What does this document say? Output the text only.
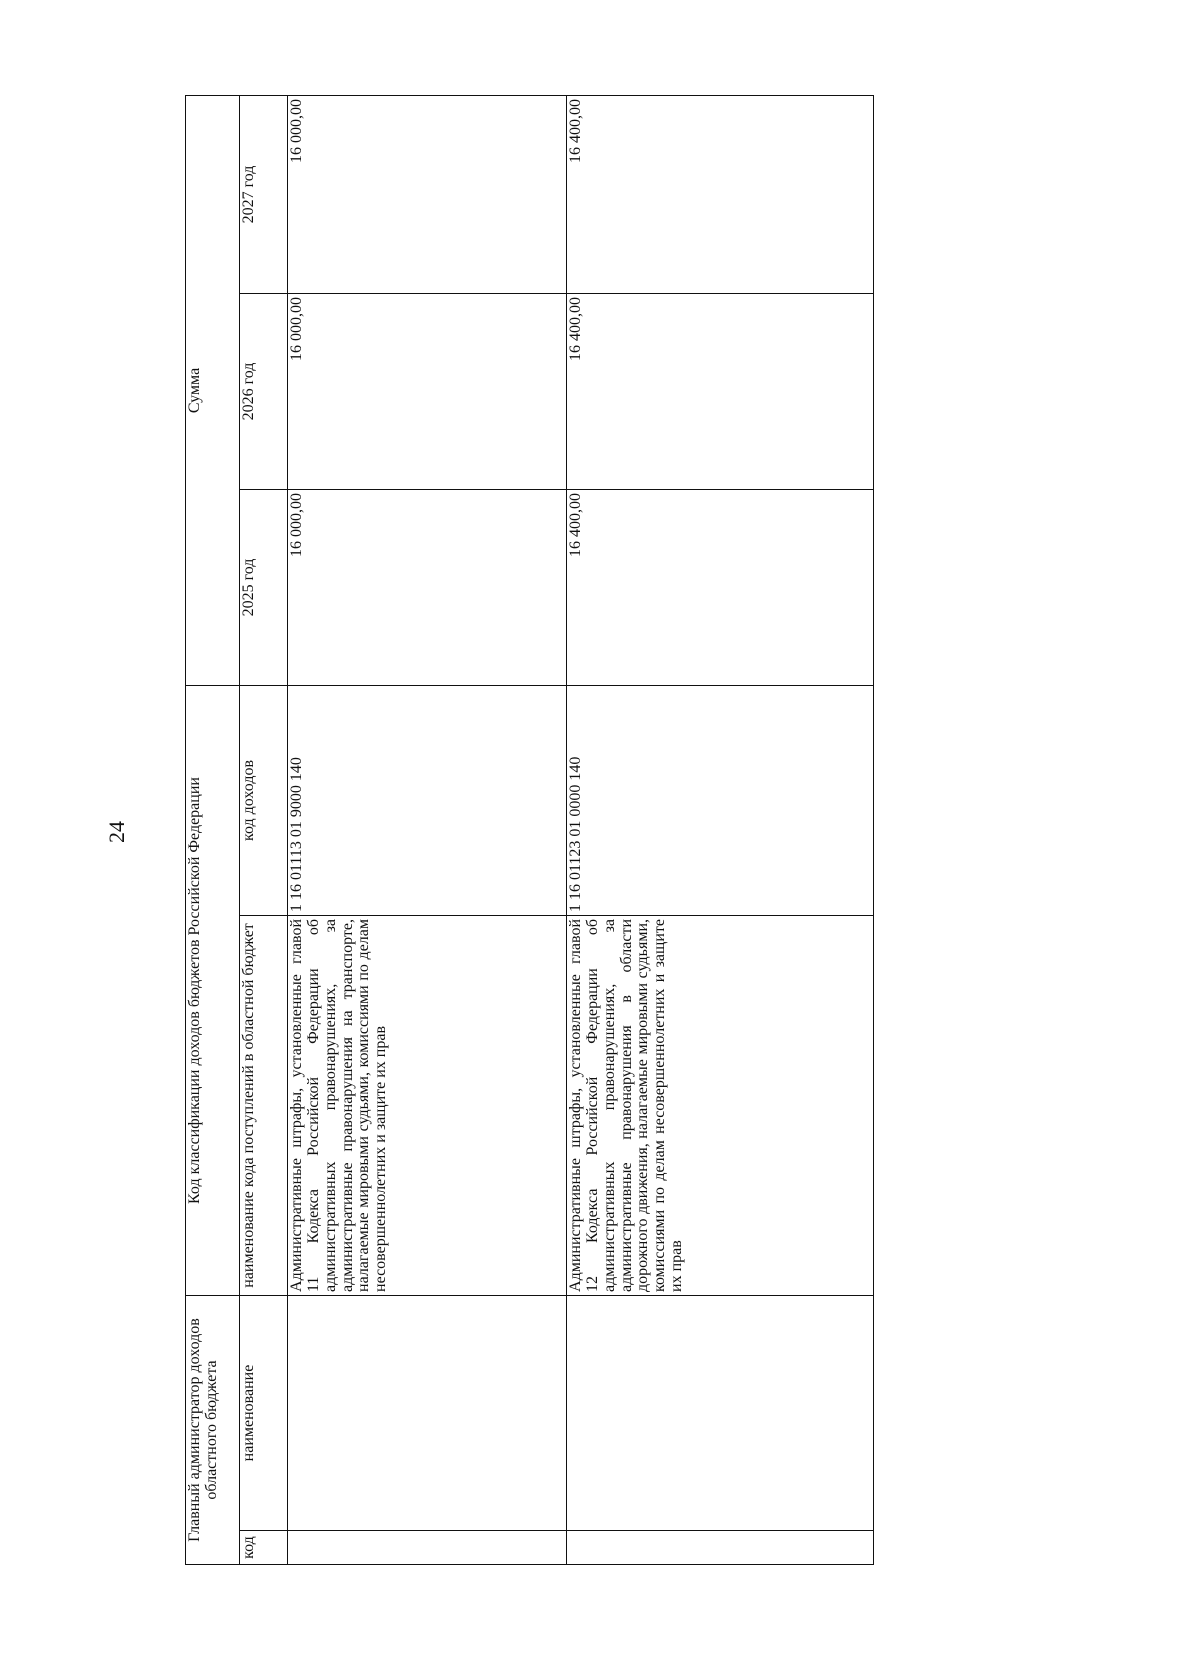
24
Главный администратор доходов областного бюджета		Код классификации доходов бюджетов Российской Федерации		Сумма		
код	наименование	наименование кода поступлений в областной бюджет	код доходов	2025 год	2026 год	2027 год
		Административные штрафы, установленные главой 11 Кодекса Российской Федерации об административных правонарушениях, за административные правонарушения на транспорте, налагаемые мировыми судьями, комиссиями по делам несовершеннолетних и защите их прав	1 16 01113 01 9000 140	16 000,00	16 000,00	16 000,00
		Административные штрафы, установленные главой 12 Кодекса Российской Федерации об административных правонарушениях, за административные правонарушения в области дорожного движения, налагаемые мировыми судьями, комиссиями по делам несовершеннолетних и защите их прав	1 16 01123 01 0000 140	16 400,00	16 400,00	16 400,00
